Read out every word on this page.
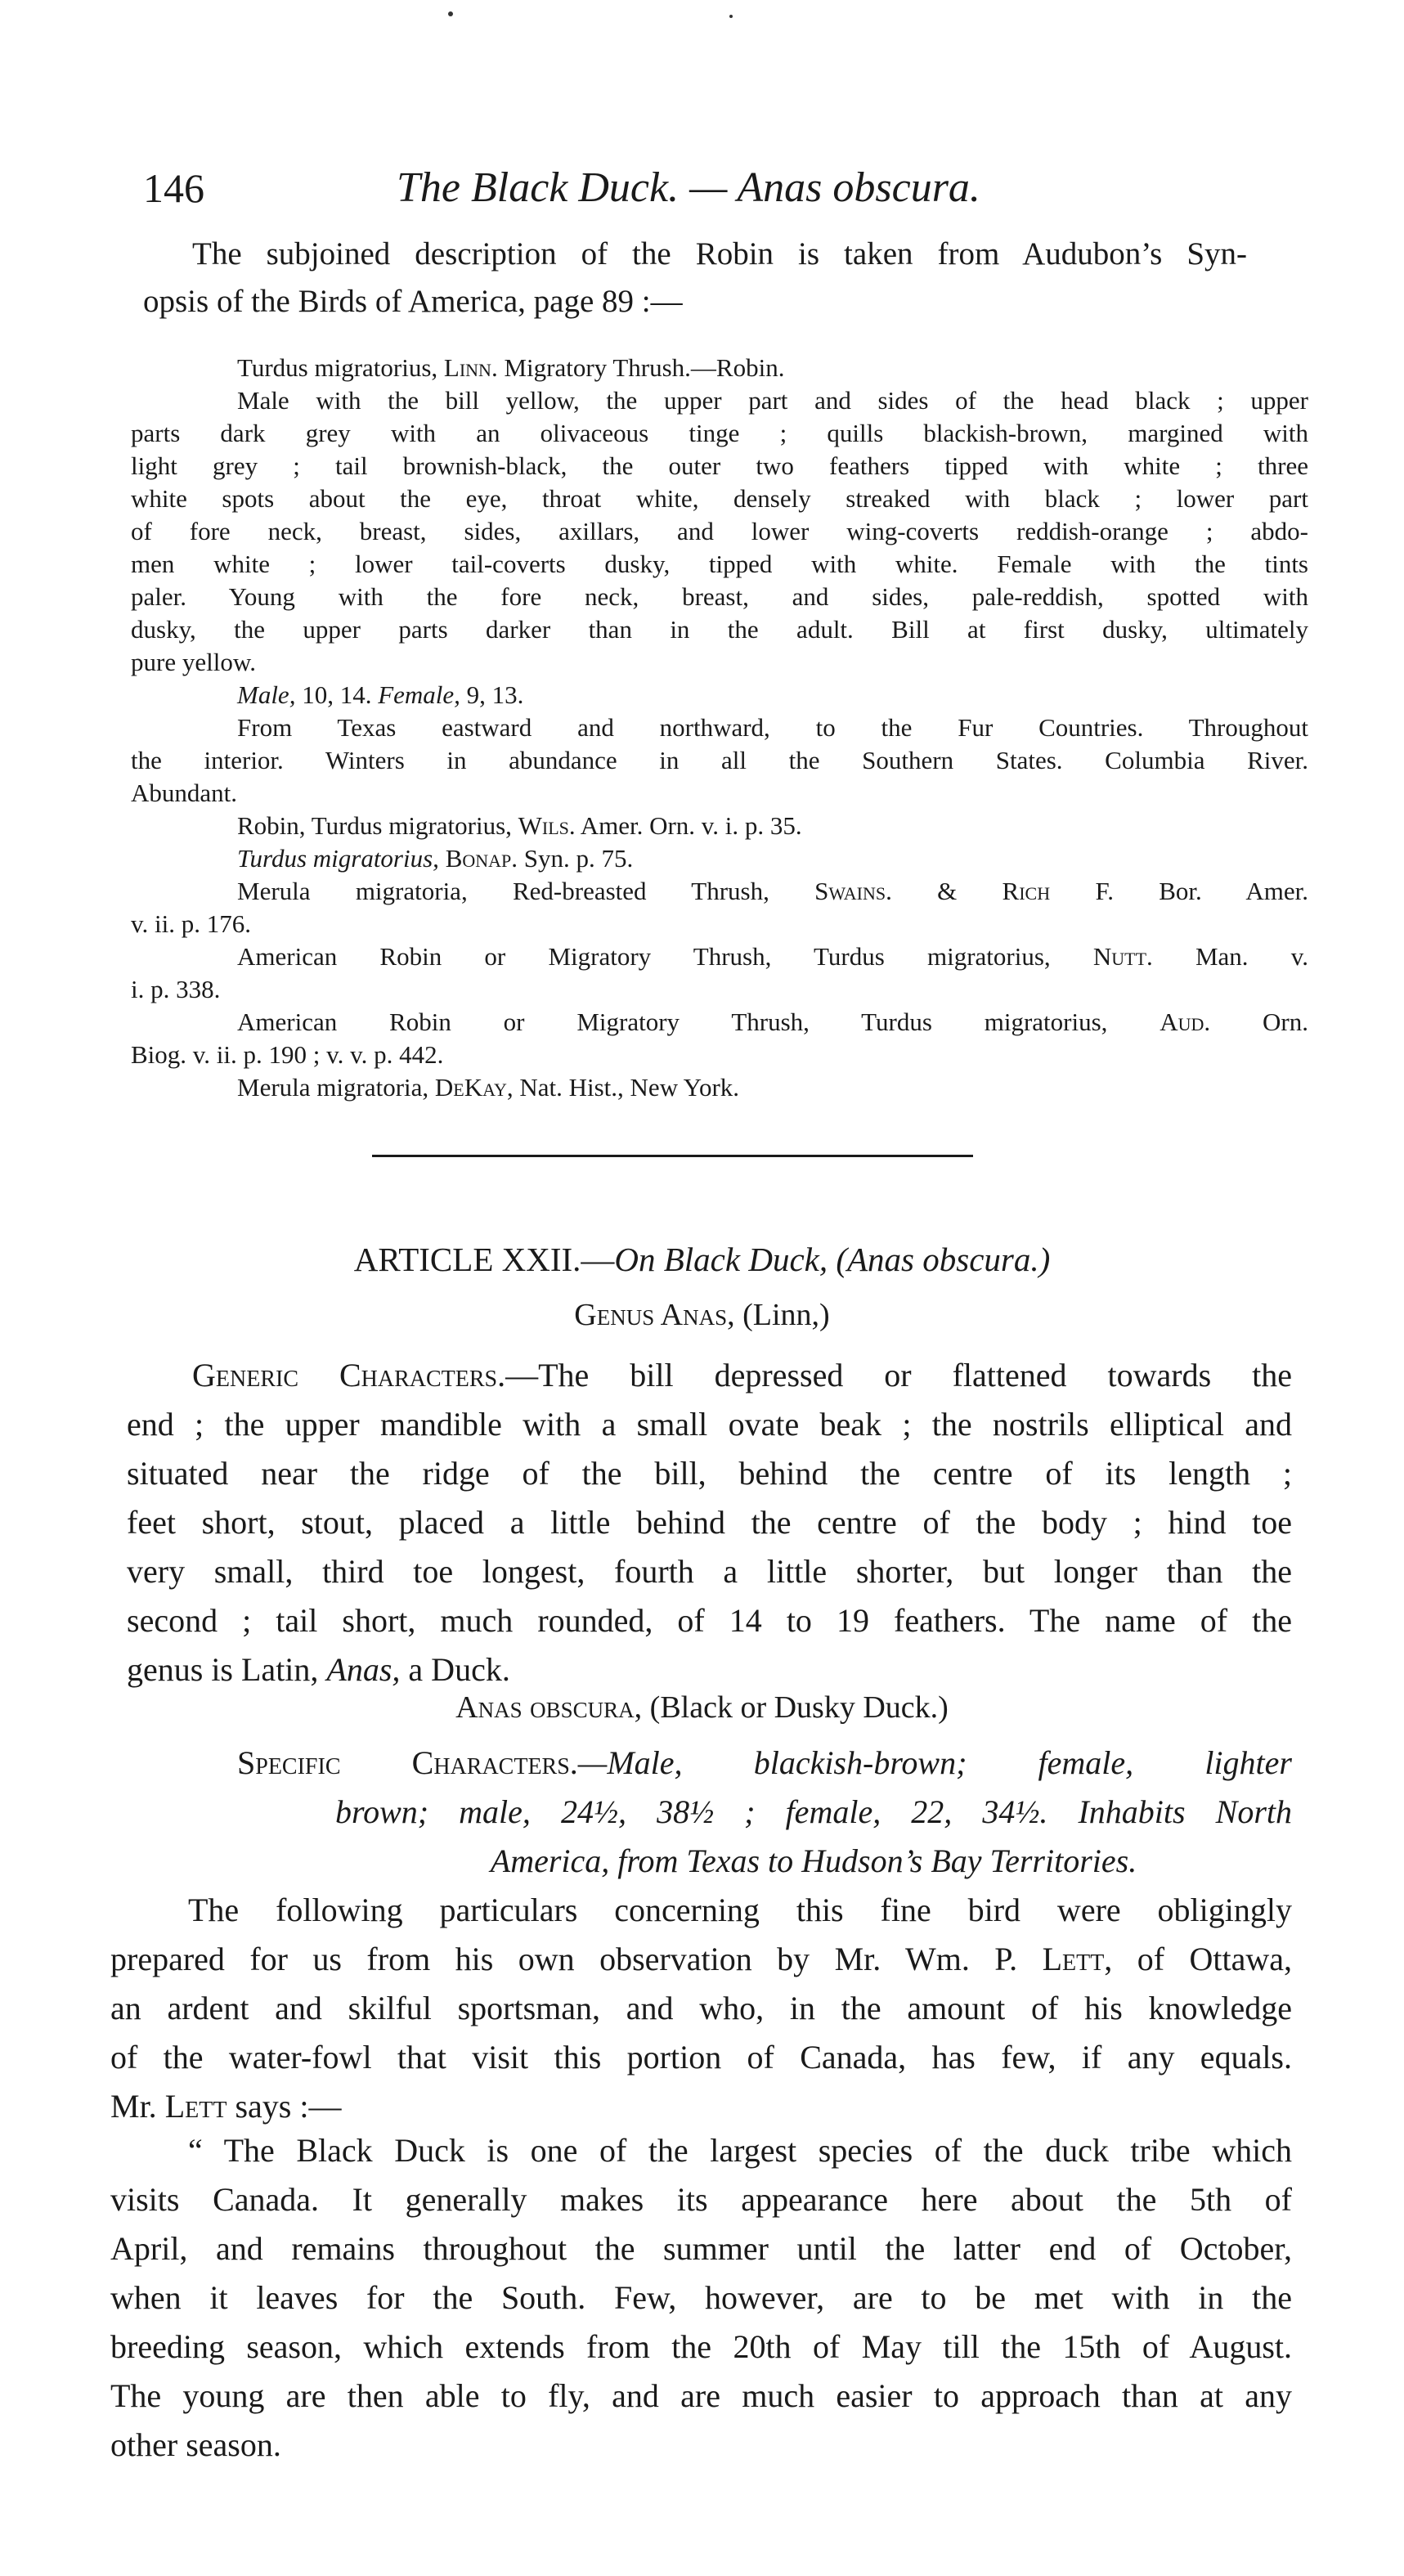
146	The Black Duck. — Anas obscura.

The subjoined description of the Robin is taken from Audubon’s Syn-
opsis of the Birds of America, page 89 :—

Turdus migratorius, Linn. Migratory Thrush.—Robin.
Male with the bill yellow, the upper part and sides of the head black ; upper
parts dark grey with an olivaceous tinge ; quills blackish-brown, margined with
light grey ; tail brownish-black, the outer two feathers tipped with white ; three
white spots about the eye, throat white, densely streaked with black ; lower part
of fore neck, breast, sides, axillars, and lower wing-coverts reddish-orange ; abdo-
men white ; lower tail-coverts dusky, tipped with white. Female with the tints
paler. Young with the fore neck, breast, and sides, pale-reddish, spotted with
dusky, the upper parts darker than in the adult. Bill at first dusky, ultimately
pure yellow.
Male, 10, 14. Female, 9, 13.
From Texas eastward and northward, to the Fur Countries. Throughout
the interior. Winters in abundance in all the Southern States. Columbia River.
Abundant.
Robin, Turdus migratorius, Wils. Amer. Orn. v. i. p. 35.
Turdus migratorius, Bonap. Syn. p. 75.
Merula migratoria, Red-breasted Thrush, Swains. & Rich F. Bor. Amer.
v. ii. p. 176.
American Robin or Migratory Thrush, Turdus migratorius, Nutt. Man. v.
i. p. 338.
American Robin or Migratory Thrush, Turdus migratorius, Aud. Orn.
Biog. v. ii. p. 190 ; v. v. p. 442.
Merula migratoria, DeKay, Nat. Hist., New York.
ARTICLE XXII.—On Black Duck, (Anas obscura.)
Genus Anas, (Linn,)

Generic Characters.—The bill depressed or flattened towards the
end ; the upper mandible with a small ovate beak ; the nostrils elliptical and
situated near the ridge of the bill, behind the centre of its length ;
feet short, stout, placed a little behind the centre of the body ; hind toe
very small, third toe longest, fourth a little shorter, but longer than the
second ; tail short, much rounded, of 14 to 19 feathers. The name of the
genus is Latin, Anas, a Duck.

Anas obscura, (Black or Dusky Duck.)
Specific Characters.—Male, blackish-brown; female, lighter
brown; male, 24½, 38½ ; female, 22, 34½. Inhabits North
America, from Texas to Hudson’s Bay Territories.
The following particulars concerning this fine bird were obligingly
prepared for us from his own observation by Mr. Wm. P. Lett, of Ottawa,
an ardent and skilful sportsman, and who, in the amount of his knowledge
of the water-fowl that visit this portion of Canada, has few, if any equals.
Mr. Lett says :—
“ The Black Duck is one of the largest species of the duck tribe which
visits Canada. It generally makes its appearance here about the 5th of
April, and remains throughout the summer until the latter end of October,
when it leaves for the South. Few, however, are to be met with in the
breeding season, which extends from the 20th of May till the 15th of August.
The young are then able to fly, and are much easier to approach than at any
other season.
